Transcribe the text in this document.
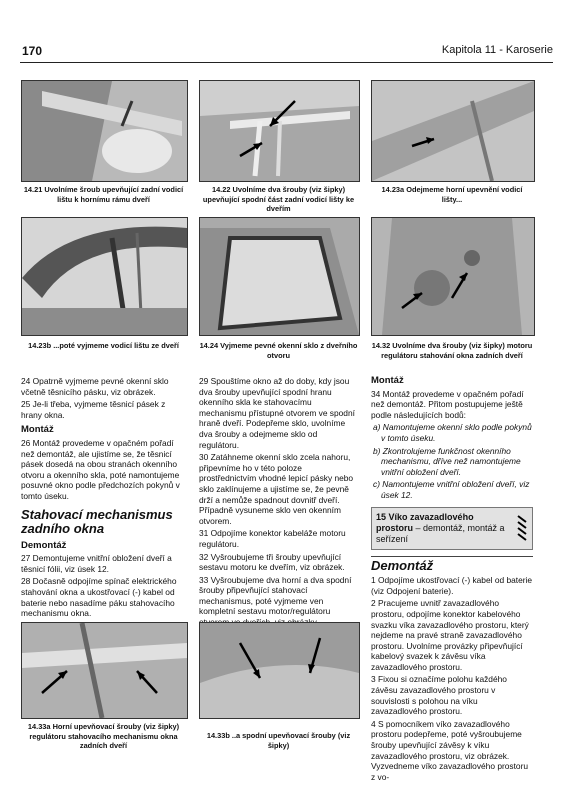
170	Kapitola 11 - Karoserie
14.21 Uvolníme šroub upevňující zadní vodicí lištu k hornímu rámu dveří
14.22 Uvolníme dva šrouby (viz šipky) upevňující spodní část zadní vodicí lišty ke dveřím
14.23a Odejmeme horní upevnění vodicí lišty...
14.23b ...poté vyjmeme vodicí lištu ze dveří	14.24 Vyjmeme pevné okenní sklo z dveřního otvoru
14.32 Uvolníme dva šrouby (viz šipky) motoru regulátoru stahování okna zadních dveří

24 Opatrně vyjmeme pevné okenní sklo včetně těsnicího pásku, viz obrázek.

25 Je-li třeba, vyjmeme těsnicí pásek z hrany okna.

Montáž

26 Montáž provedeme v opačném pořadí než demontáž, ale ujistíme se, že těsnicí pásek dosedá na obou stranách okenního otvoru a okenního skla, poté namontujeme posuvné okno podle předchozích pokynů v tomto úseku.

Stahovací mechanismus zadního okna
Demontáž

27 Demontujeme vnitřní obložení dveří a těsnicí fólii, viz úsek 12.

28 Dočasně odpojíme spínač elektrického stahování okna a ukostřovací (-) kabel od baterie nebo nasadíme páku stahovacího mechanismu okna.

29 Spouštíme okno až do doby, kdy jsou dva šrouby upevňující spodní hranu okenního skla ke stahovacímu mechanismu přístupné otvorem ve spodní hraně dveří. Podepřeme sklo, uvolníme dva šrouby a odejmeme sklo od regulátoru.

30 Zatáhneme okenní sklo zcela nahoru, připevníme ho v této poloze prostřednictvím vhodné lepicí pásky nebo sklo zaklínujeme a ujistíme se, že pevně drží a nemůže spadnout dovnitř dveří. Případně vysuneme sklo ven okenním otvorem.

31 Odpojíme konektor kabeláže motoru regulátoru.

32 Vyšroubujeme tři šrouby upevňující sestavu motoru ke dveřím, viz obrázek.

33 Vyšroubujeme dva horní a dva spodní šrouby připevňující stahovací mechanismus, poté vyjmeme ven kompletní sestavu motor/regulátoru

Montáž

34 Montáž provedeme v opačném pořadí než demontáž. Přitom postupujeme ještě podle následujících bodů:

a) Namontujeme okenní sklo podle pokynů v tomto úseku.

b) Zkontrolujeme funkčnost okenního mechanismu, dříve než namontujeme vnitřní obložení dveří.

c) Namontujeme vnitřní obložení dveří, viz úsek 12.

15 Víko zavazadlového prostoru – demontáž, montáž a seřízení
Demontáž

1 Odpojíme ukostřovací (-) kabel od baterie (viz Odpojení baterie).

2 Pracujeme uvnitř zavazadlového prostoru, odpojíme konektor kabelového svazku víka zavazadlového prostoru, který nejdeme na pravé straně zavazadlového prostoru. Uvolníme provázky připevňující kabelový svazek k závěsu víka zavazadlového prostoru.

3 Fixou si označíme polohu každého závěsu zavazadlového prostoru v souvislosti s polohou na víku zavazadlového prostoru.

4 S pomocníkem víko zavazadlového prostoru podepřeme, poté vyšroubujeme šrouby upevňující závěsy k víku zavazadlového prostoru, viz obrázek. Vyzvedneme víko zavazadlového prostoru z vo-

14.33a Horní upevňovací šrouby (viz šipky) regulátoru stahovacího mechanismu okna zadních dveří
14.33b ..a spodní upevňovací šrouby (viz šipky)
